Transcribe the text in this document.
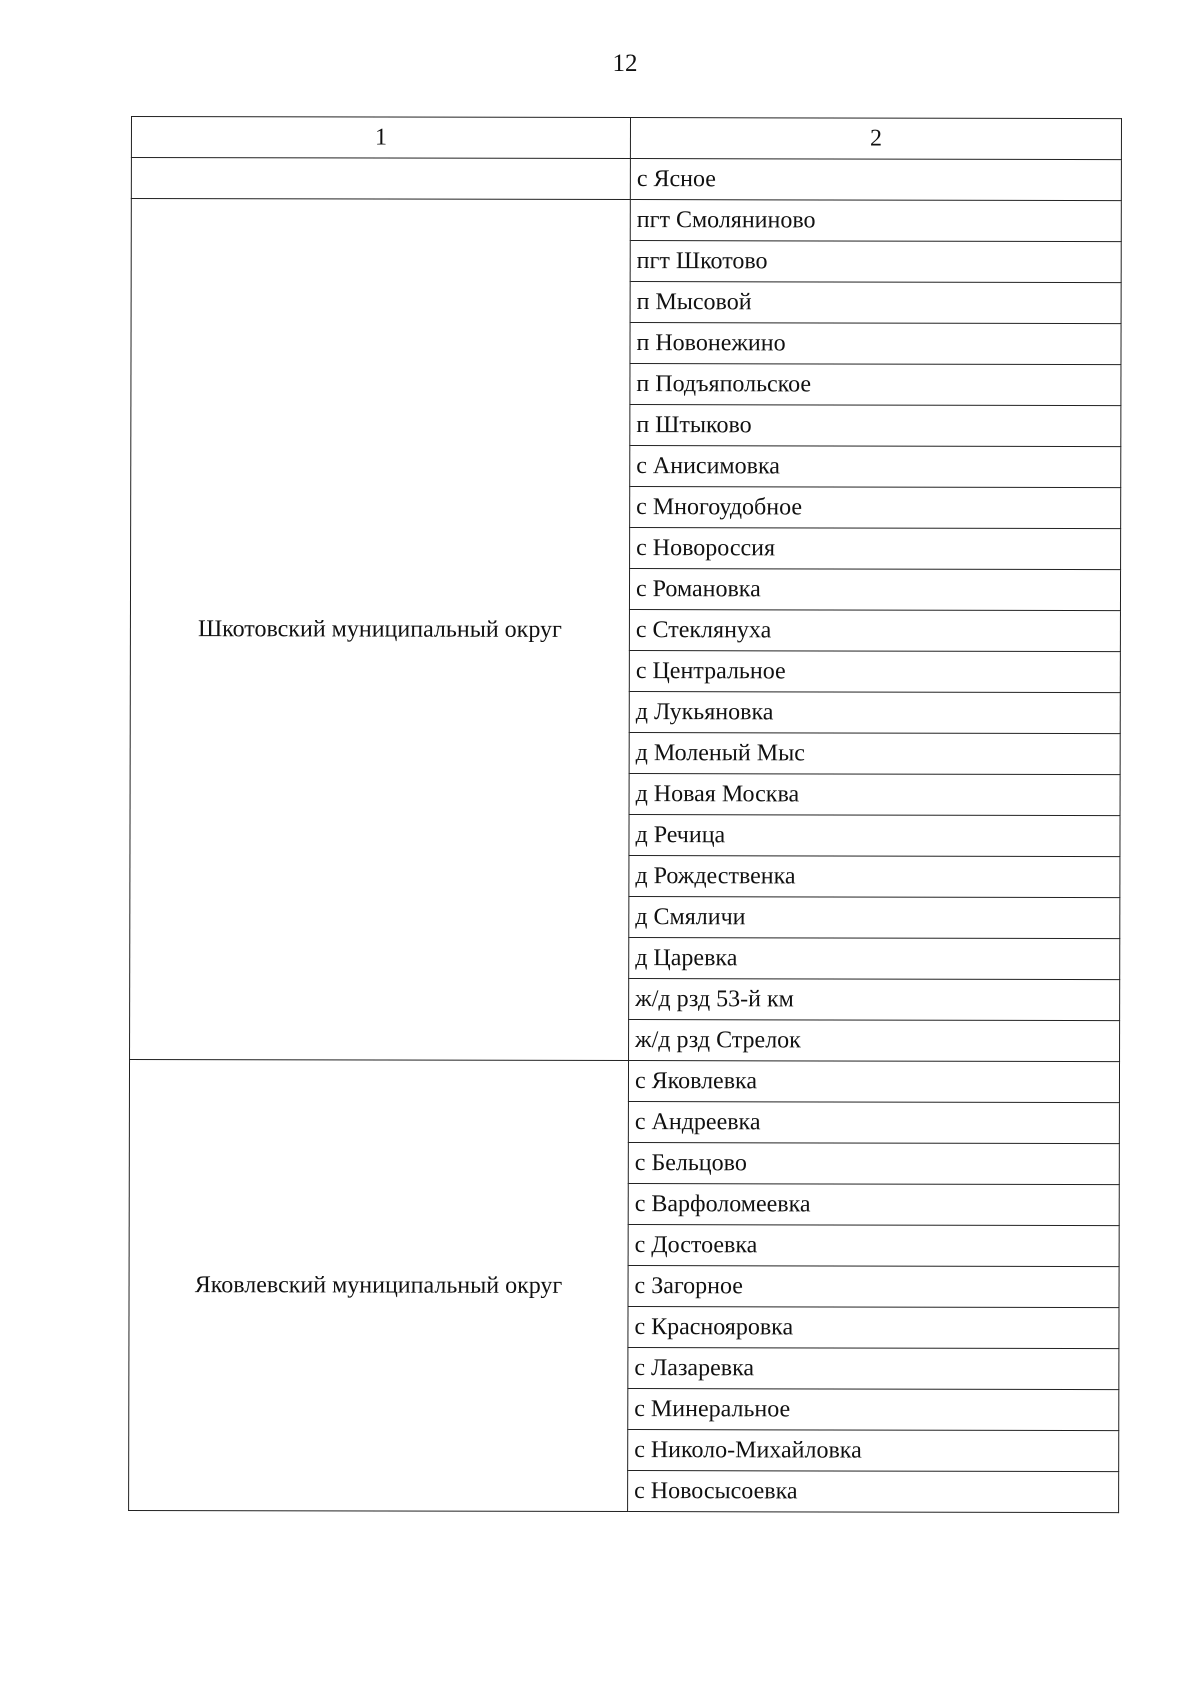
12
1	2
	с Ясное
Шкотовский муниципальный округ	пгт Смоляниново
	пгт Шкотово
	п Мысовой
	п Новонежино
	п Подъяпольское
	п Штыково
	с Анисимовка
	с Многоудобное
	с Новороссия
	с Романовка
	с Стеклянуха
	с Центральное
	д Лукьяновка
	д Моленый Мыс
	д Новая Москва
	д Речица
	д Рождественка
	д Смяличи
	д Царевка
	ж/д рзд 53-й км
	ж/д рзд Стрелок
Яковлевский муниципальный округ	с Яковлевка
	с Андреевка
	с Бельцово
	с Варфоломеевка
	с Достоевка
	с Загорное
	с Краснояровка
	с Лазаревка
	с Минеральное
	с Николо-Михайловка
	с Новосысоевка
